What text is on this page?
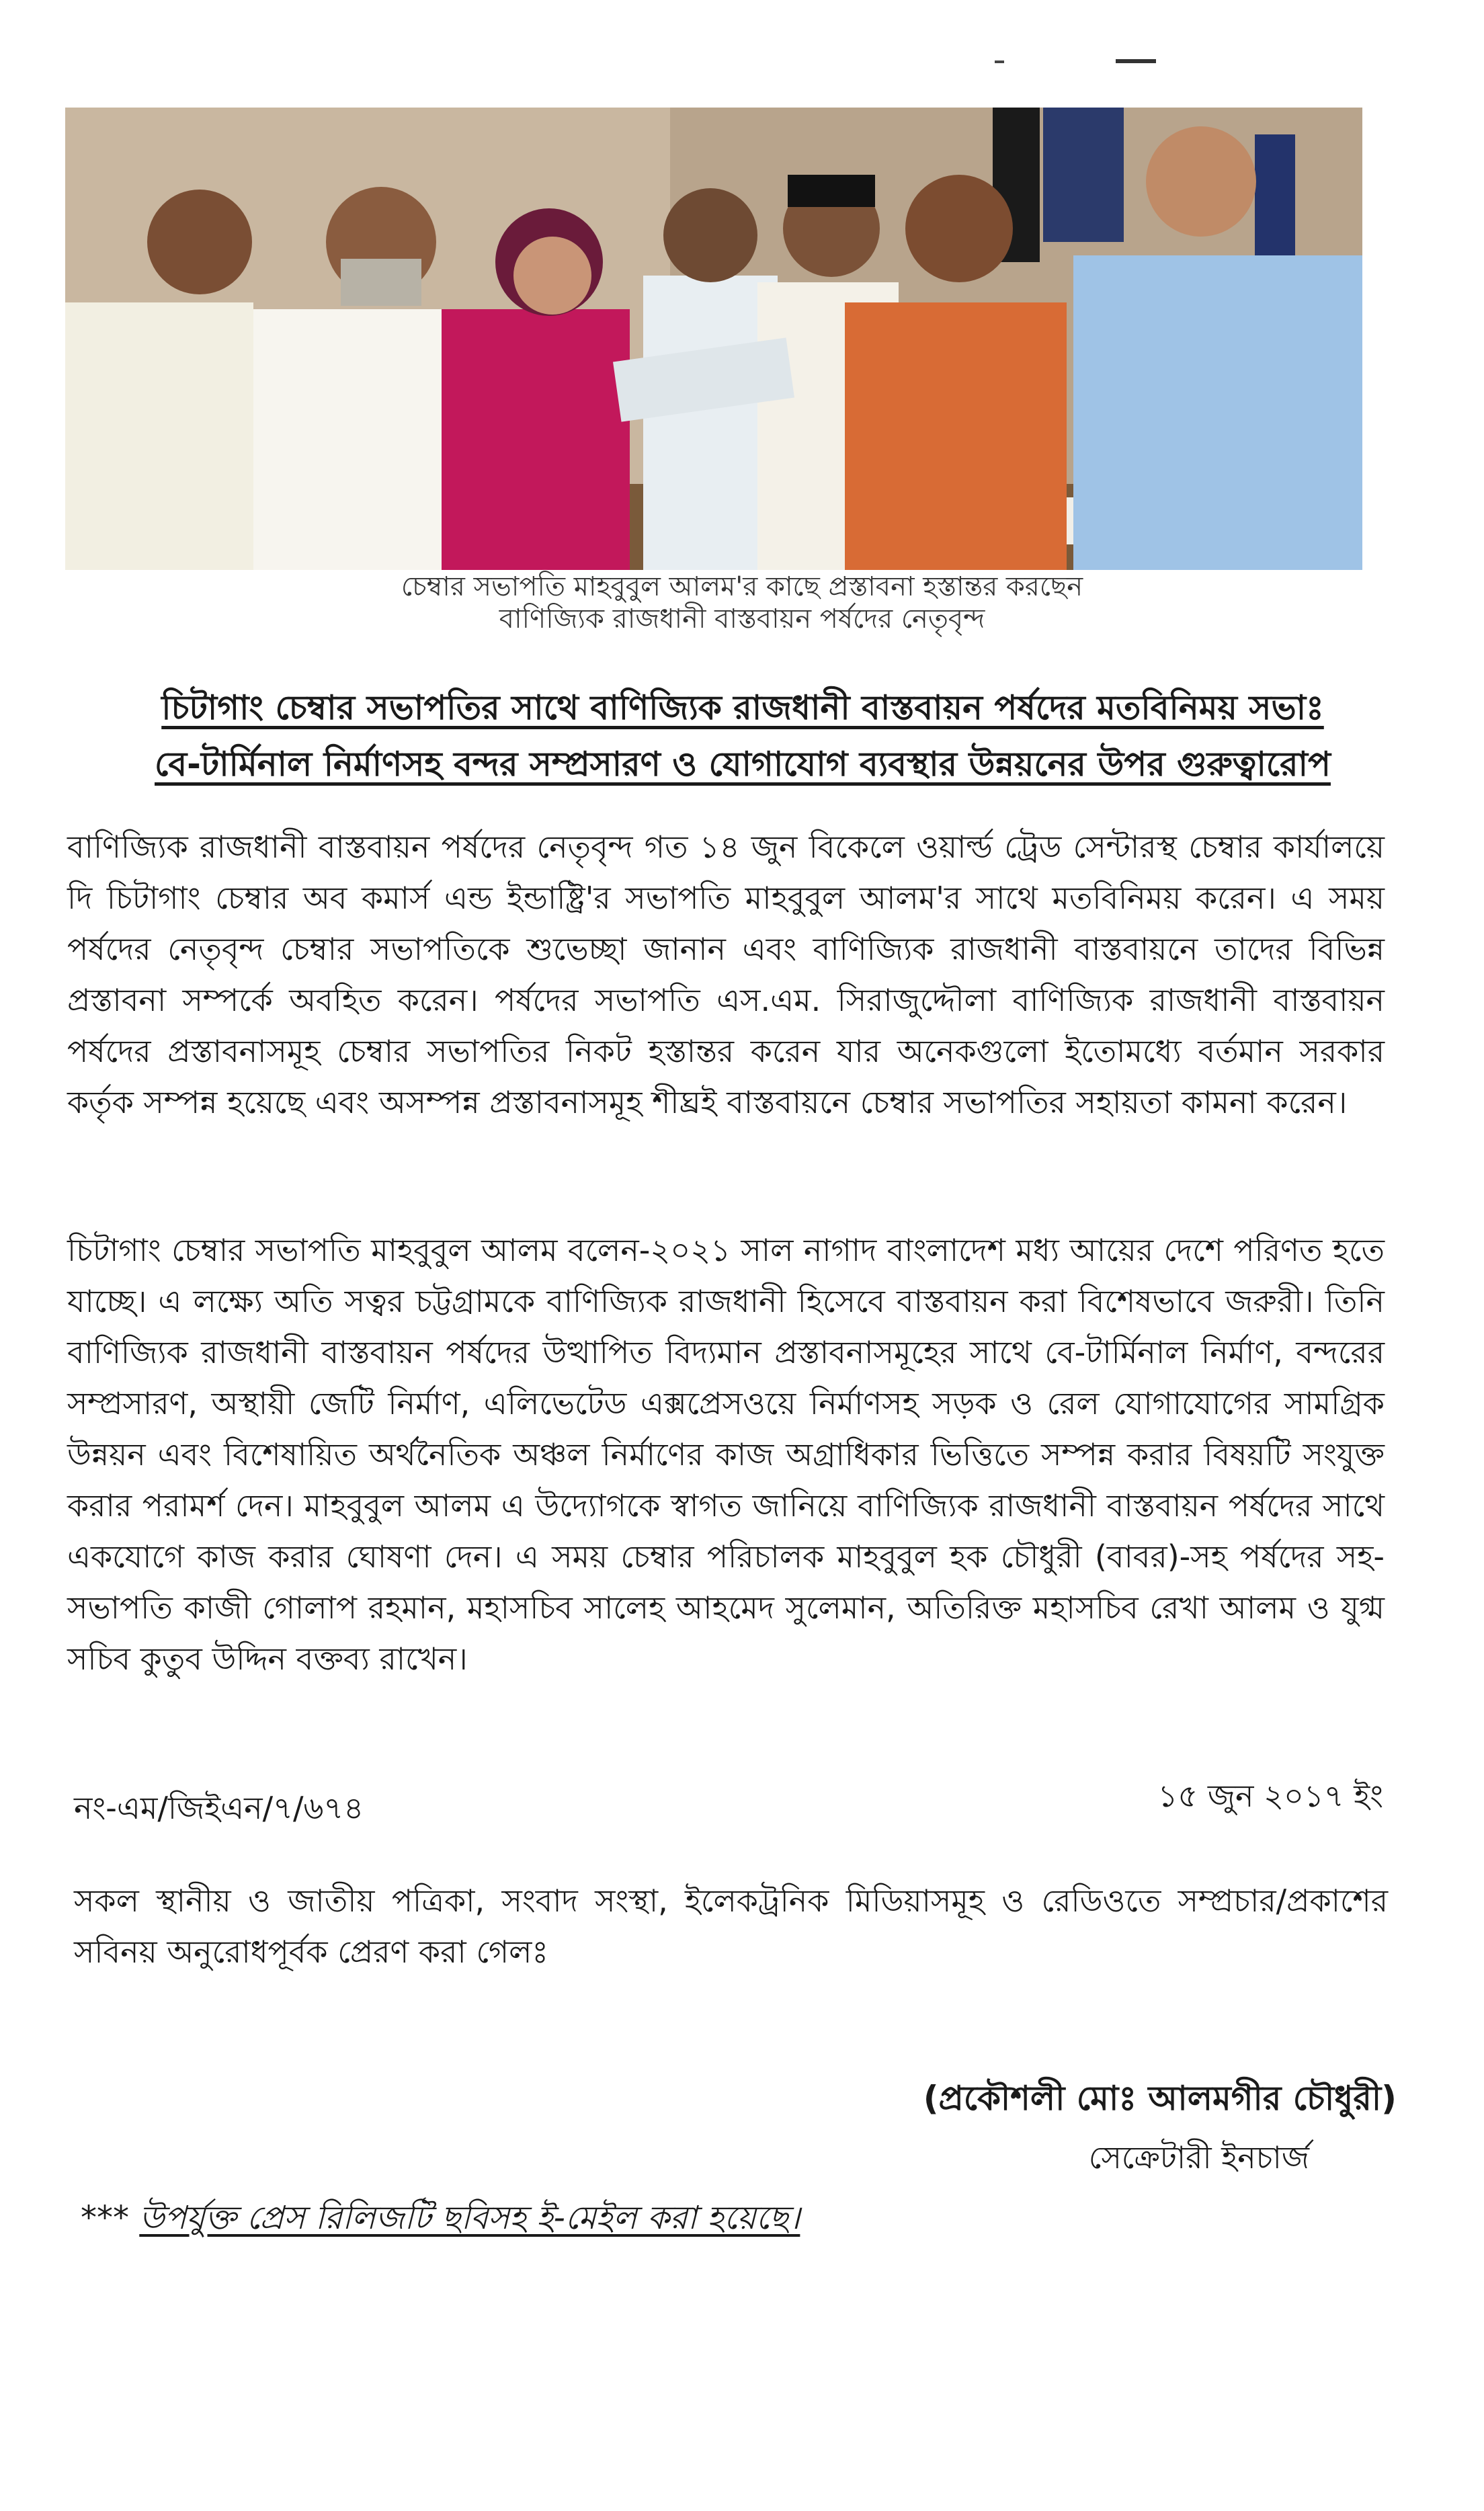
চেম্বার সভাপতি মাহবুবুল আলম'র কাছে প্রস্তাবনা হস্তান্তর করছেন
বাণিজ্যিক রাজধানী বাস্তবায়ন পর্ষদের নেতৃবৃন্দ
চিটাগাং চেম্বার সভাপতির সাথে বাণিজ্যিক রাজধানী বাস্তবায়ন পর্ষদের মতবিনিময় সভাঃ
বে-টার্মিনাল নির্মাণসহ বন্দর সম্প্রসারণ ও যোগাযোগ ব্যবস্থার উন্নয়নের উপর গুরুত্বারোপ
বাণিজ্যিক রাজধানী বাস্তবায়ন পর্ষদের নেতৃবৃন্দ গত ১৪ জুন বিকেলে ওয়ার্ল্ড ট্রেড সেন্টারস্থ চেম্বার কার্যালয়ে দি চিটাগাং চেম্বার অব কমার্স এন্ড ইন্ডাষ্ট্রি'র সভাপতি মাহবুবুল আলম'র সাথে মতবিনিময় করেন। এ সময় পর্ষদের নেতৃবৃন্দ চেম্বার সভাপতিকে শুভেচ্ছা জানান এবং বাণিজ্যিক রাজধানী বাস্তবায়নে তাদের বিভিন্ন প্রস্তাবনা সম্পর্কে অবহিত করেন। পর্ষদের সভাপতি এস.এম. সিরাজুদ্দৌলা বাণিজ্যিক রাজধানী বাস্তবায়ন পর্ষদের প্রস্তাবনাসমূহ চেম্বার সভাপতির নিকট হস্তান্তর করেন যার অনেকগুলো ইতোমধ্যে বর্তমান সরকার কর্তৃক সম্পন্ন হয়েছে এবং অসম্পন্ন প্রস্তাবনাসমূহ শীঘ্রই বাস্তবায়নে চেম্বার সভাপতির সহায়তা কামনা করেন।
চিটাগাং চেম্বার সভাপতি মাহবুবুল আলম বলেন-২০২১ সাল নাগাদ বাংলাদেশ মধ্য আয়ের দেশে পরিণত হতে যাচ্ছে। এ লক্ষ্যে অতি সত্বর চট্টগ্রামকে বাণিজ্যিক রাজধানী হিসেবে বাস্তবায়ন করা বিশেষভাবে জরুরী। তিনি বাণিজ্যিক রাজধানী বাস্তবায়ন পর্ষদের উত্থাপিত বিদ্যমান প্রস্তাবনাসমূহের সাথে বে-টার্মিনাল নির্মাণ, বন্দরের সম্প্রসারণ, অস্থায়ী জেটি নির্মাণ, এলিভেটেড এক্সপ্রেসওয়ে নির্মাণসহ সড়ক ও রেল যোগাযোগের সামগ্রিক উন্নয়ন এবং বিশেষায়িত অর্থনৈতিক অঞ্চল নির্মাণের কাজ অগ্রাধিকার ভিত্তিতে সম্পন্ন করার বিষয়টি সংযুক্ত করার পরামর্শ দেন। মাহবুবুল আলম এ উদ্যোগকে স্বাগত জানিয়ে বাণিজ্যিক রাজধানী বাস্তবায়ন পর্ষদের সাথে একযোগে কাজ করার ঘোষণা দেন। এ সময় চেম্বার পরিচালক মাহবুবুল হক চৌধুরী (বাবর)-সহ পর্ষদের সহ-সভাপতি কাজী গোলাপ রহমান, মহাসচিব সালেহ আহমেদ সুলেমান, অতিরিক্ত মহাসচিব রেখা আলম ও যুগ্ম সচিব কুতুব উদ্দিন বক্তব্য রাখেন।
নং-এম/জিইএন/৭/৬৭৪	১৫ জুন ২০১৭ ইং
সকল স্থানীয় ও জাতীয় পত্রিকা, সংবাদ সংস্থা, ইলেকট্রনিক মিডিয়াসমূহ ও রেডিওতে সম্প্রচার/প্রকাশের সবিনয় অনুরোধপূর্বক প্রেরণ করা গেলঃ
(প্রকৌশলী মোঃ আলমগীর চৌধুরী)
সেক্রেটারী ইনচার্জ
*** উপর্যুক্ত প্রেস রিলিজটি ছবিসহ ই-মেইল করা হয়েছে।
